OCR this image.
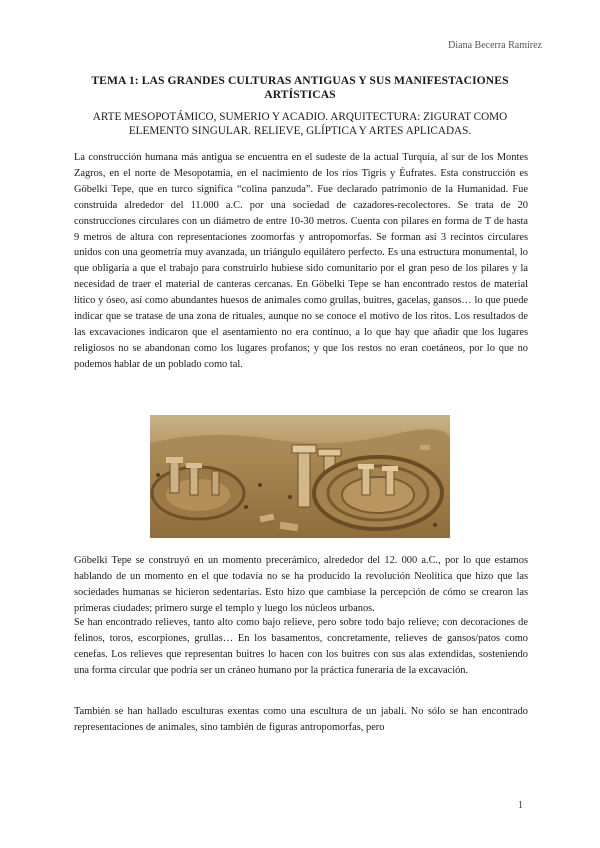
Diana Becerra Ramírez
TEMA 1: LAS GRANDES CULTURAS ANTIGUAS Y SUS MANIFESTACIONES ARTÍSTICAS
ARTE MESOPOTÁMICO, SUMERIO Y ACADIO. ARQUITECTURA: ZIGURAT COMO ELEMENTO SINGULAR. RELIEVE, GLÍPTICA Y ARTES APLICADAS.

La construcción humana más antigua se encuentra en el sudeste de la actual Turquía, al sur de los Montes Zagros, en el norte de Mesopotamia, en el nacimiento de los ríos Tigris y Éufrates. Esta construcción es Göbelki Tepe, que en turco significa “colina panzuda”. Fue declarado patrimonio de la Humanidad. Fue construida alrededor del 11.000 a.C. por una sociedad de cazadores-recolectores. Se trata de 20 construcciones circulares con un diámetro de entre 10-30 metros. Cuenta con pilares en forma de T de hasta 9 metros de altura con representaciones zoomorfas y antropomorfas. Se forman así 3 recintos circulares unidos con una geometría muy avanzada, un triángulo equilátero perfecto. Es una estructura monumental, lo que obligaría a que el trabajo para construirlo hubiese sido comunitario por el gran peso de los pilares y la necesidad de traer el material de canteras cercanas. En Göbelki Tepe se han encontrado restos de material lítico y óseo, así como abundantes huesos de animales como grullas, buitres, gacelas, gansos… lo que puede indicar que se tratase de una zona de rituales, aunque no se conoce el motivo de los ritos. Los resultados de las excavaciones indicaron que el asentamiento no era continuo, a lo que hay que añadir que los lugares religiosos no se abandonan como los lugares profanos; y que los restos no eran coetáneos, por lo que no podemos hablar de un poblado como tal.

Göbelki Tepe se construyó en un momento precerámico, alrededor del 12. 000 a.C., por lo que estamos hablando de un momento en el que todavía no se ha producido la revolución Neolítica que hizo que las sociedades humanas se hicieron sedentarias. Esto hizo que cambiase la percepción de cómo se crearon las primeras ciudades; primero surge el templo y luego los núcleos urbanos.

Se han encontrado relieves, tanto alto como bajo relieve, pero sobre todo bajo relieve; con decoraciones de felinos, toros, escorpiones, grullas… En los basamentos, concretamente, relieves de gansos/patos como cenefas. Los relieves que representan buitres lo hacen con los buitres con sus alas extendidas, sosteniendo una forma circular que podría ser un cráneo humano por la práctica funeraria de la excavación.

También se han hallado esculturas exentas como una escultura de un jabalí. No sólo se han encontrado representaciones de animales, sino también de figuras antropomorfas, pero

1
